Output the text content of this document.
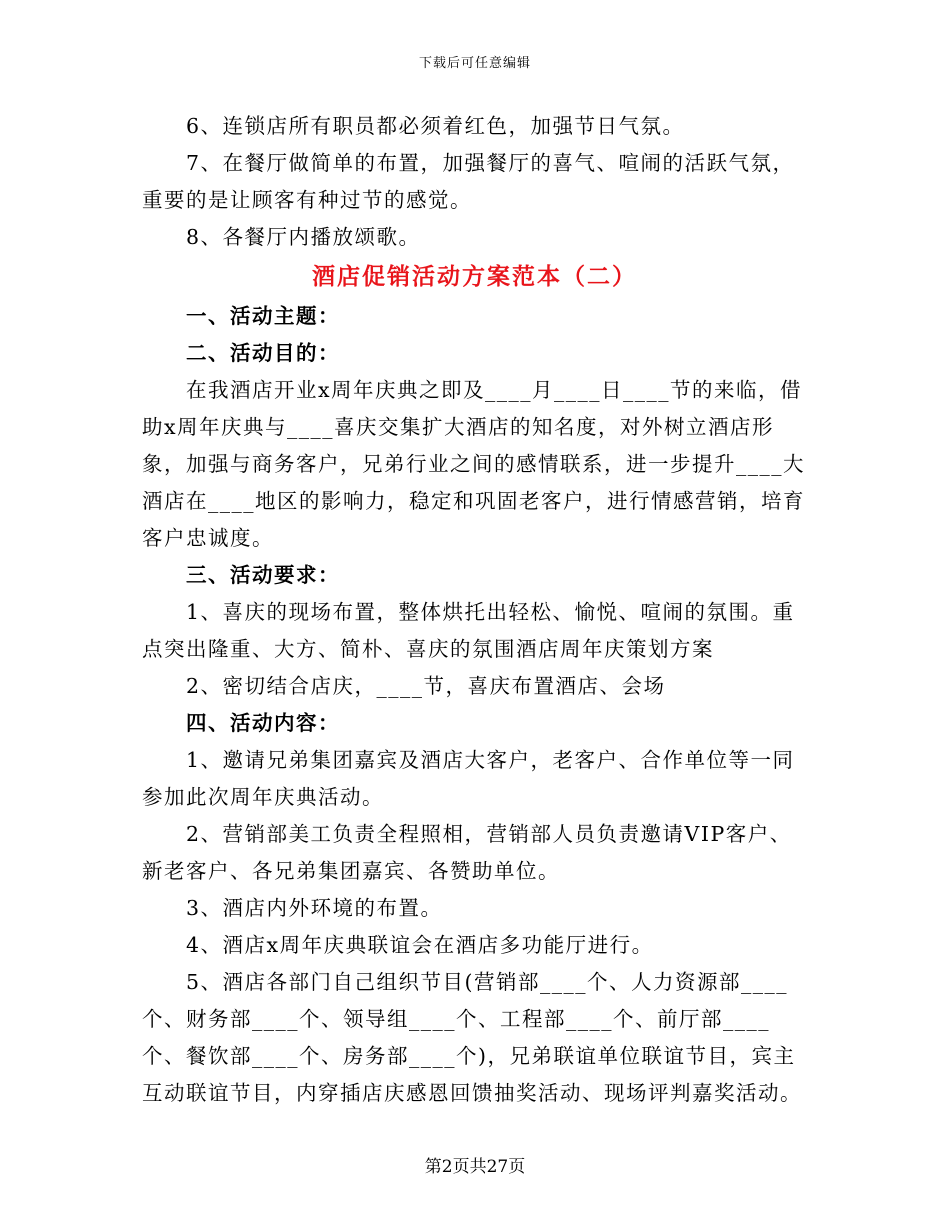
下载后可任意编辑

6、连锁店所有职员都必须着红色，加强节日气氛。

7、在餐厅做简单的布置，加强餐厅的喜气、喧闹的活跃气氛，重要的是让顾客有种过节的感觉。

8、各餐厅内播放颂歌。

酒店促销活动方案范本（二）

一、活动主题：

二、活动目的：

在我酒店开业x周年庆典之即及____月____日____节的来临，借助x周年庆典与____喜庆交集扩大酒店的知名度，对外树立酒店形象，加强与商务客户，兄弟行业之间的感情联系，进一步提升____大酒店在____地区的影响力，稳定和巩固老客户，进行情感营销，培育客户忠诚度。

三、活动要求：

1、喜庆的现场布置，整体烘托出轻松、愉悦、喧闹的氛围。重点突出隆重、大方、简朴、喜庆的氛围酒店周年庆策划方案

2、密切结合店庆，____节，喜庆布置酒店、会场

四、活动内容：

1、邀请兄弟集团嘉宾及酒店大客户，老客户、合作单位等一同参加此次周年庆典活动。

2、营销部美工负责全程照相，营销部人员负责邀请VIP客户、新老客户、各兄弟集团嘉宾、各赞助单位。

3、酒店内外环境的布置。

4、酒店x周年庆典联谊会在酒店多功能厅进行。

5、酒店各部门自己组织节目(营销部____个、人力资源部____个、财务部____个、领导组____个、工程部____个、前厅部____个、餐饮部____个、房务部____个)，兄弟联谊单位联谊节目，宾主互动联谊节目，内穿插店庆感恩回馈抽奖活动、现场评判嘉奖活动。

第2页共27页
